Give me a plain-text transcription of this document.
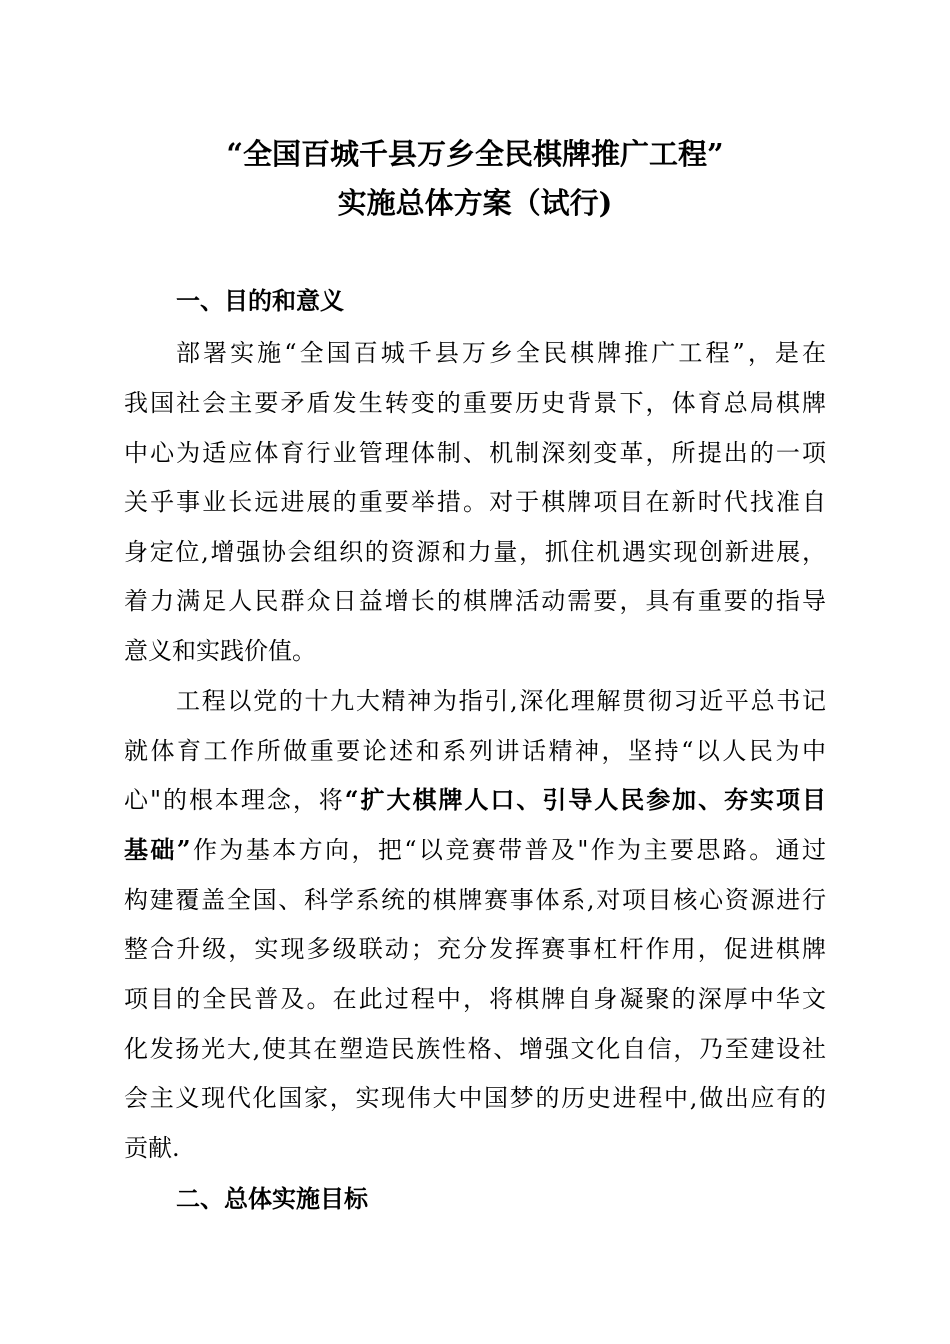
“全国百城千县万乡全民棋牌推广工程”
实施总体方案（试行)
一、目的和意义
部署实施“全国百城千县万乡全民棋牌推广工程”，是在
我国社会主要矛盾发生转变的重要历史背景下，体育总局棋牌
中心为适应体育行业管理体制、机制深刻变革，所提出的一项
关乎事业长远进展的重要举措。对于棋牌项目在新时代找准自
身定位,增强协会组织的资源和力量，抓住机遇实现创新进展，
着力满足人民群众日益增长的棋牌活动需要，具有重要的指导
意义和实践价值。
工程以党的十九大精神为指引,深化理解贯彻习近平总书记
就体育工作所做重要论述和系列讲话精神，坚持“以人民为中
心"的根本理念，将“扩大棋牌人口、引导人民参加、夯实项目
基础”作为基本方向，把“以竞赛带普及"作为主要思路。通过
构建覆盖全国、科学系统的棋牌赛事体系,对项目核心资源进行
整合升级，实现多级联动；充分发挥赛事杠杆作用，促进棋牌
项目的全民普及。在此过程中，将棋牌自身凝聚的深厚中华文
化发扬光大,使其在塑造民族性格、增强文化自信，乃至建设社
会主义现代化国家，实现伟大中国梦的历史进程中,做出应有的
贡献.
二、总体实施目标
